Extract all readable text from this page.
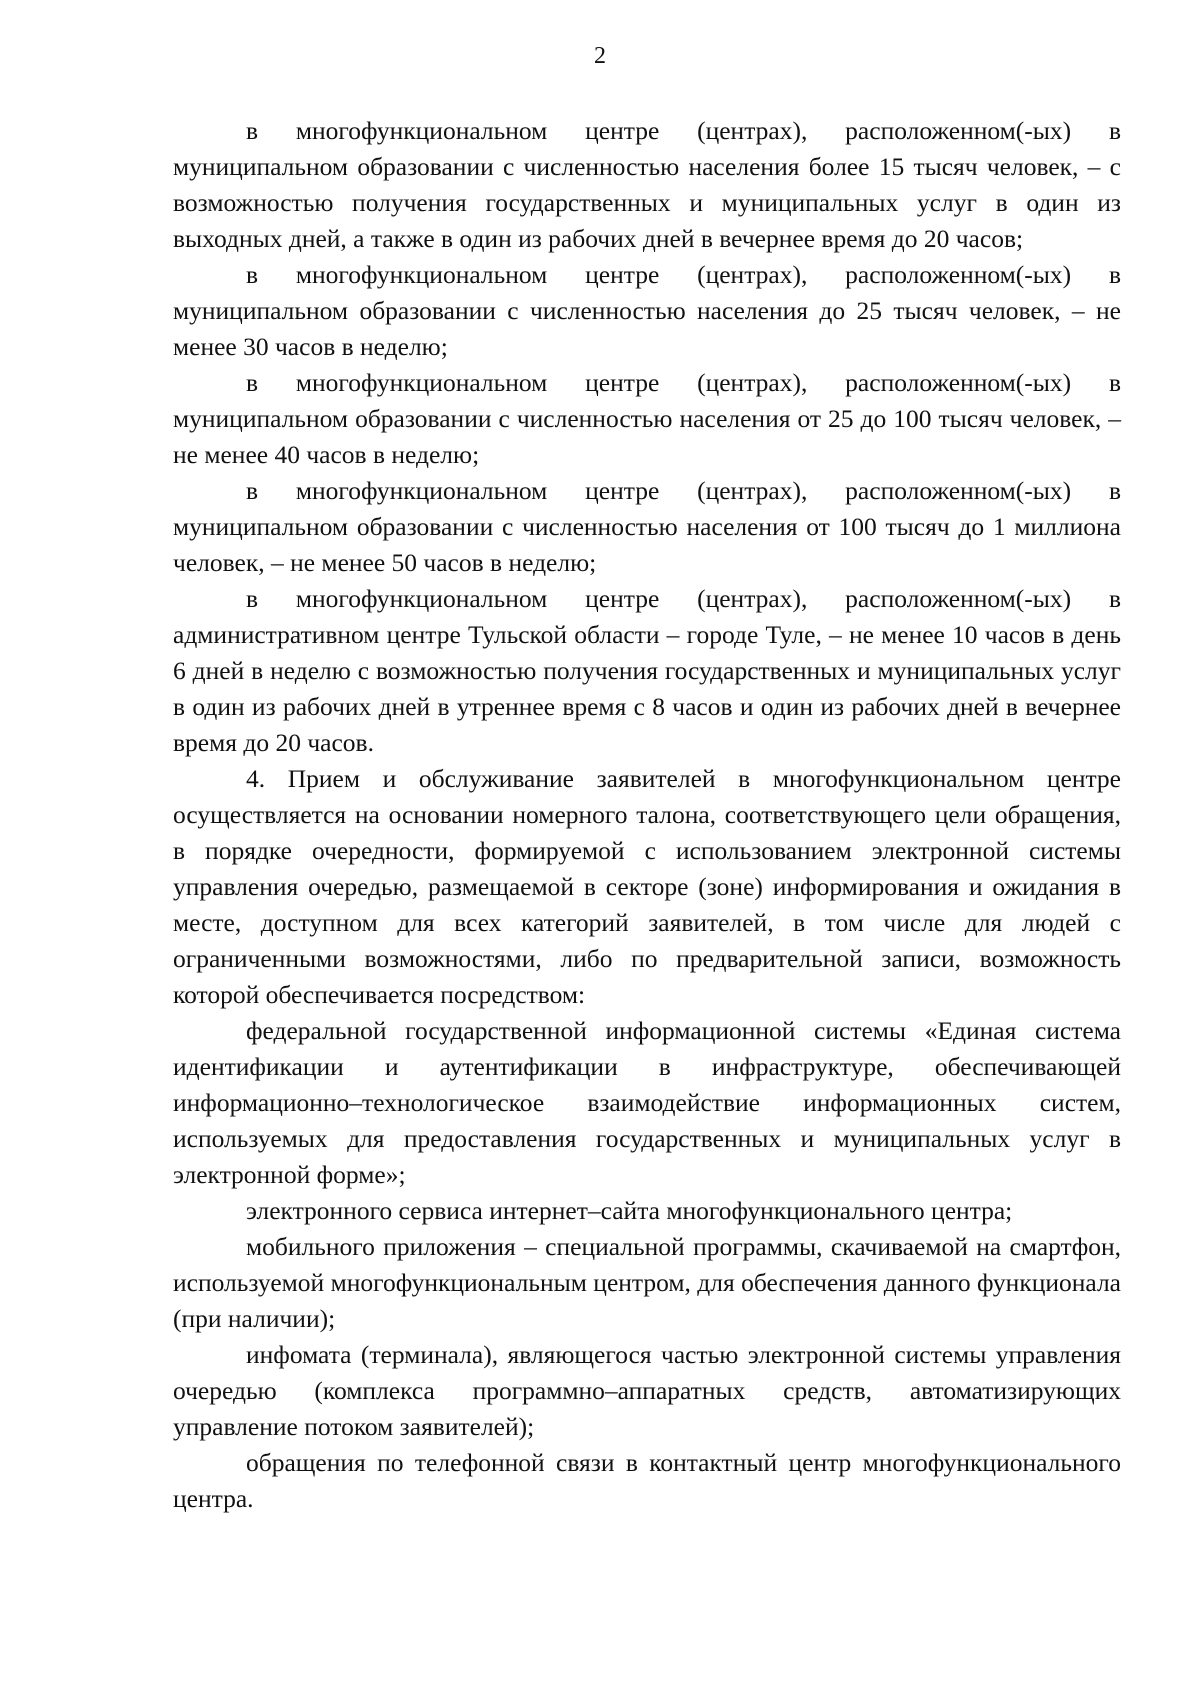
2

в многофункциональном центре (центрах), расположенном(-ых) в муниципальном образовании с численностью населения более 15 тысяч человек, – с возможностью получения государственных и муниципальных услуг в один из выходных дней, а также в один из рабочих дней в вечернее время до 20 часов;

в многофункциональном центре (центрах), расположенном(-ых) в муниципальном образовании с численностью населения до 25 тысяч человек, – не менее 30 часов в неделю;

в многофункциональном центре (центрах), расположенном(-ых) в муниципальном образовании с численностью населения от 25 до 100 тысяч человек, – не менее 40 часов в неделю;

в многофункциональном центре (центрах), расположенном(-ых) в муниципальном образовании с численностью населения от 100 тысяч до 1 миллиона человек, – не менее 50 часов в неделю;

в многофункциональном центре (центрах), расположенном(-ых) в административном центре Тульской области – городе Туле, – не менее 10 часов в день 6 дней в неделю с возможностью получения государственных и муниципальных услуг в один из рабочих дней в утреннее время с 8 часов и один из рабочих дней в вечернее время до 20 часов.

4. Прием и обслуживание заявителей в многофункциональном центре осуществляется на основании номерного талона, соответствующего цели обращения, в порядке очередности, формируемой с использованием электронной системы управления очередью, размещаемой в секторе (зоне) информирования и ожидания в месте, доступном для всех категорий заявителей, в том числе для людей с ограниченными возможностями, либо по предварительной записи, возможность которой обеспечивается посредством:

федеральной государственной информационной системы «Единая система идентификации и аутентификации в инфраструктуре, обеспечивающей информационно–технологическое взаимодействие информационных систем, используемых для предоставления государственных и муниципальных услуг в электронной форме»;

электронного сервиса интернет–сайта многофункционального центра;

мобильного приложения – специальной программы, скачиваемой на смартфон, используемой многофункциональным центром, для обеспечения данного функционала (при наличии);

инфомата (терминала), являющегося частью электронной системы управления очередью (комплекса программно–аппаратных средств, автоматизирующих управление потоком заявителей);

обращения по телефонной связи в контактный центр многофункционального центра.
